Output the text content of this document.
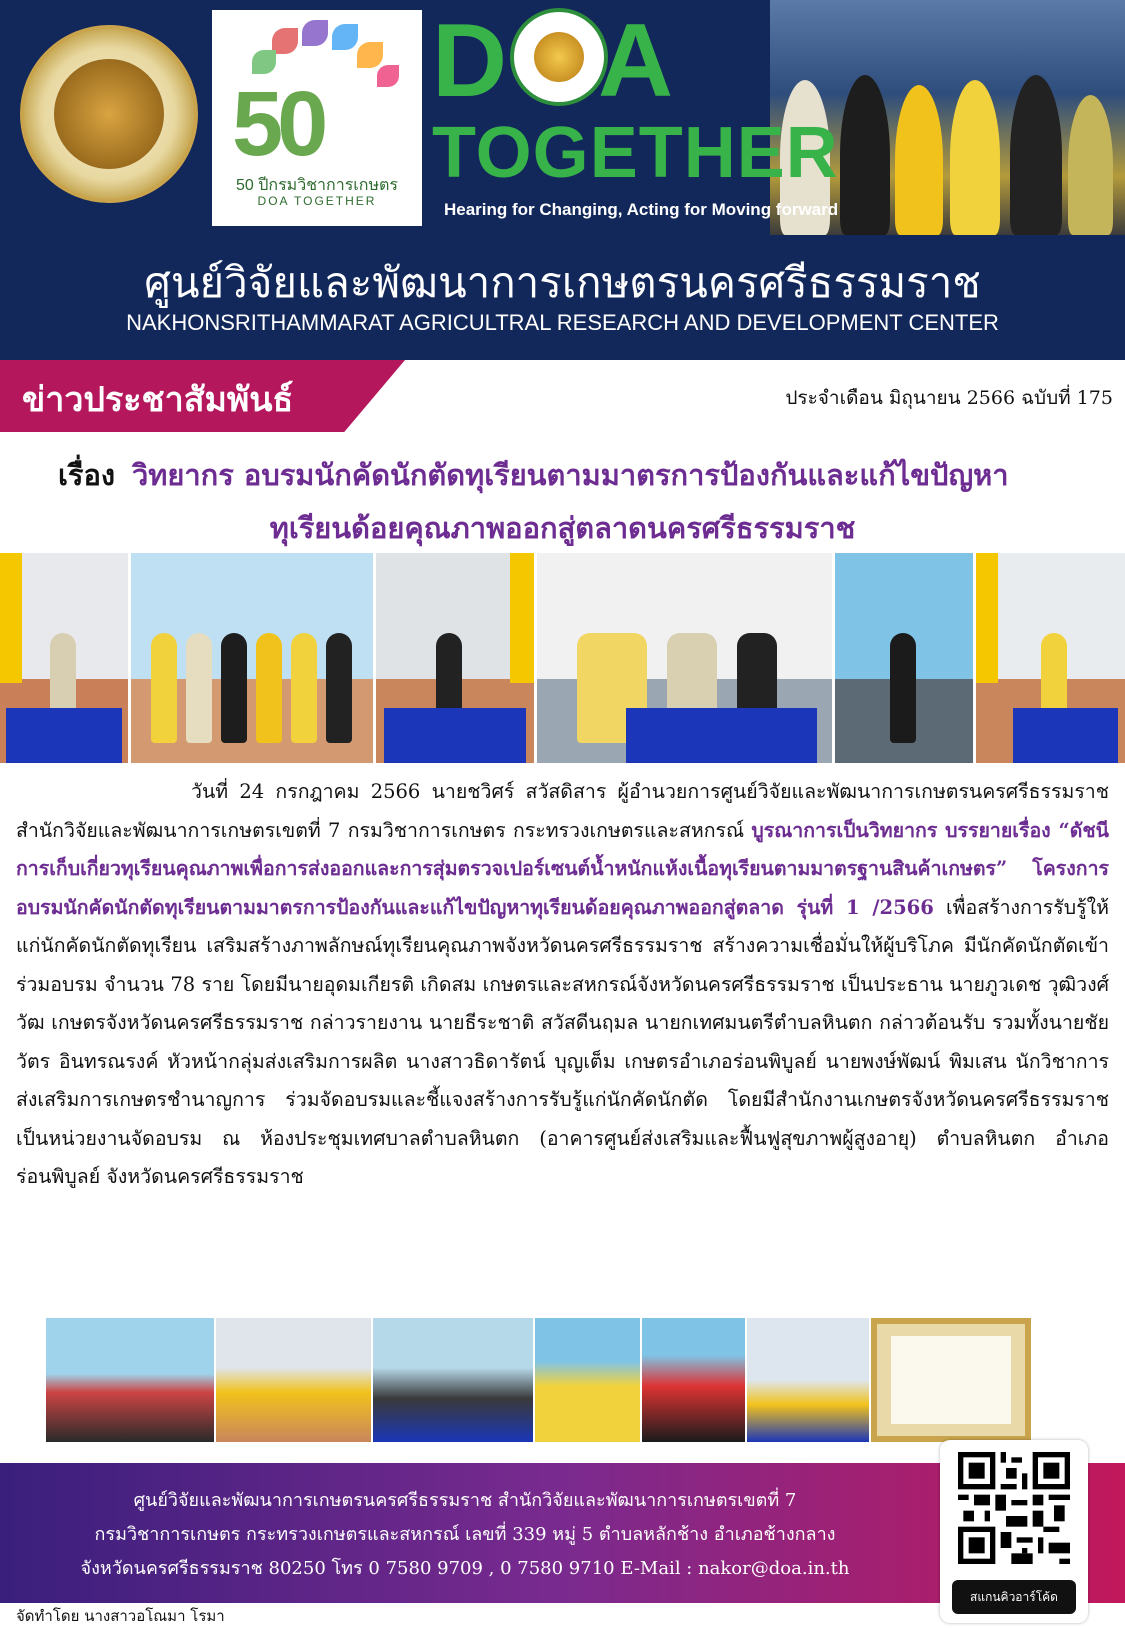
50
50 ปีกรมวิชาการเกษตร
DOA TOGETHER
D A
TOGETHER
Hearing for Changing, Acting for Moving forward
ศูนย์วิจัยและพัฒนาการเกษตรนครศรีธรรมราช
NAKHONSRITHAMMARAT AGRICULTRAL RESEARCH AND DEVELOPMENT CENTER
ข่าวประชาสัมพันธ์	ประจำเดือน มิถุนายน 2566 ฉบับที่ 175
เรื่อง วิทยากร อบรมนักคัดนักตัดทุเรียนตามมาตรการป้องกันและแก้ไขปัญหา
ทุเรียนด้อยคุณภาพออกสู่ตลาดนครศรีธรรมราช
วันที่ 24 กรกฎาคม 2566 นายชวิศร์ สวัสดิสาร ผู้อำนวยการศูนย์วิจัยและพัฒนาการเกษตรนครศรีธรรมราช สำนักวิจัยและพัฒนาการเกษตรเขตที่ 7 กรมวิชาการเกษตร กระทรวงเกษตรและสหกรณ์ บูรณาการเป็นวิทยากร บรรยายเรื่อง “ดัชนีการเก็บเกี่ยวทุเรียนคุณภาพเพื่อการส่งออกและการสุ่มตรวจเปอร์เซนต์น้ำหนักแห้งเนื้อทุเรียนตามมาตรฐานสินค้าเกษตร” โครงการอบรมนักคัดนักตัดทุเรียนตามมาตรการป้องกันและแก้ไขปัญหาทุเรียนด้อยคุณภาพออกสู่ตลาด รุ่นที่ 1 /2566 เพื่อสร้างการรับรู้ให้แก่นักคัดนักตัดทุเรียน เสริมสร้างภาพลักษณ์ทุเรียนคุณภาพจังหวัดนครศรีธรรมราช สร้างความเชื่อมั่นให้ผู้บริโภค มีนักคัดนักตัดเข้าร่วมอบรม จำนวน 78 ราย โดยมีนายอุดมเกียรติ เกิดสม เกษตรและสหกรณ์จังหวัดนครศรีธรรมราช เป็นประธาน นายภูวเดช วุฒิวงศ์วัฒ เกษตรจังหวัดนครศรีธรรมราช กล่าวรายงาน นายธีระชาติ สวัสดีนฤมล นายกเทศมนตรีตำบลหินตก กล่าวต้อนรับ รวมทั้งนายชัยวัตร อินทรณรงค์ หัวหน้ากลุ่มส่งเสริมการผลิต นางสาวธิดารัตน์ บุญเต็ม เกษตรอำเภอร่อนพิบูลย์ นายพงษ์พัฒน์ พิมเสน นักวิชาการส่งเสริมการเกษตรชำนาญการ ร่วมจัดอบรมและชี้แจงสร้างการรับรู้แก่นักคัดนักตัด โดยมีสำนักงานเกษตรจังหวัดนครศรีธรรมราช เป็นหน่วยงานจัดอบรม ณ ห้องประชุมเทศบาลตำบลหินตก (อาคารศูนย์ส่งเสริมและฟื้นฟูสุขภาพผู้สูงอายุ) ตำบลหินตก อำเภอร่อนพิบูลย์ จังหวัดนครศรีธรรมราช
ศูนย์วิจัยและพัฒนาการเกษตรนครศรีธรรมราช สำนักวิจัยและพัฒนาการเกษตรเขตที่ 7
กรมวิชาการเกษตร กระทรวงเกษตรและสหกรณ์ เลขที่ 339 หมู่ 5 ตำบลหลักช้าง อำเภอช้างกลาง
จังหวัดนครศรีธรรมราช 80250 โทร 0 7580 9709 , 0 7580 9710 E-Mail : nakor@doa.in.th
สแกนคิวอาร์โค้ด
จัดทำโดย นางสาวอโณมา โรมา
